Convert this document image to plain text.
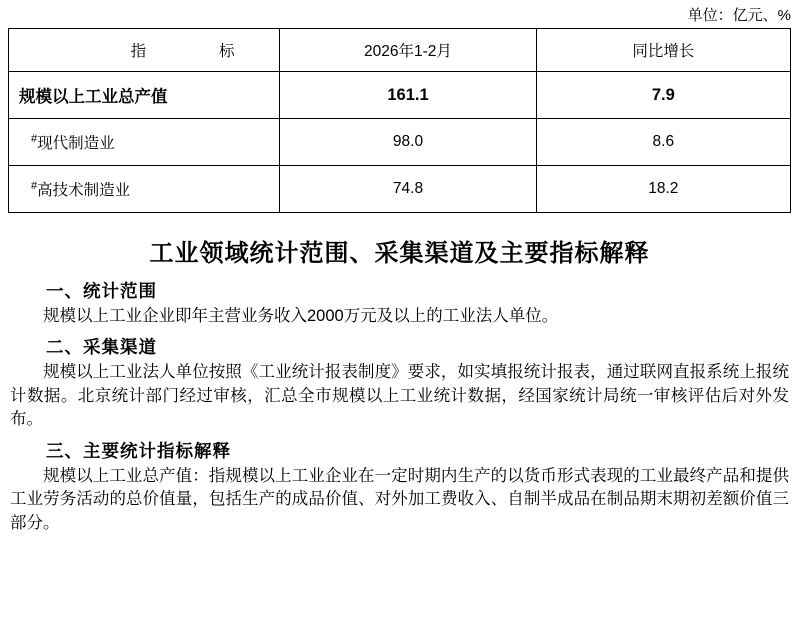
单位：亿元、%
指　　标	2026年1-2月	同比增长
规模以上工业总产值	161.1	7.9
#现代制造业	98.0	8.6
#高技术制造业	74.8	18.2
工业领域统计范围、采集渠道及主要指标解释
一、统计范围

规模以上工业企业即年主营业务收入2000万元及以上的工业法人单位。

二、采集渠道

规模以上工业法人单位按照《工业统计报表制度》要求，如实填报统计报表，通过联网直报系统上报统计数据。北京统计部门经过审核，汇总全市规模以上工业统计数据，经国家统计局统一审核评估后对外发布。

三、主要统计指标解释

规模以上工业总产值：指规模以上工业企业在一定时期内生产的以货币形式表现的工业最终产品和提供工业劳务活动的总价值量，包括生产的成品价值、对外加工费收入、自制半成品在制品期末期初差额价值三部分。
